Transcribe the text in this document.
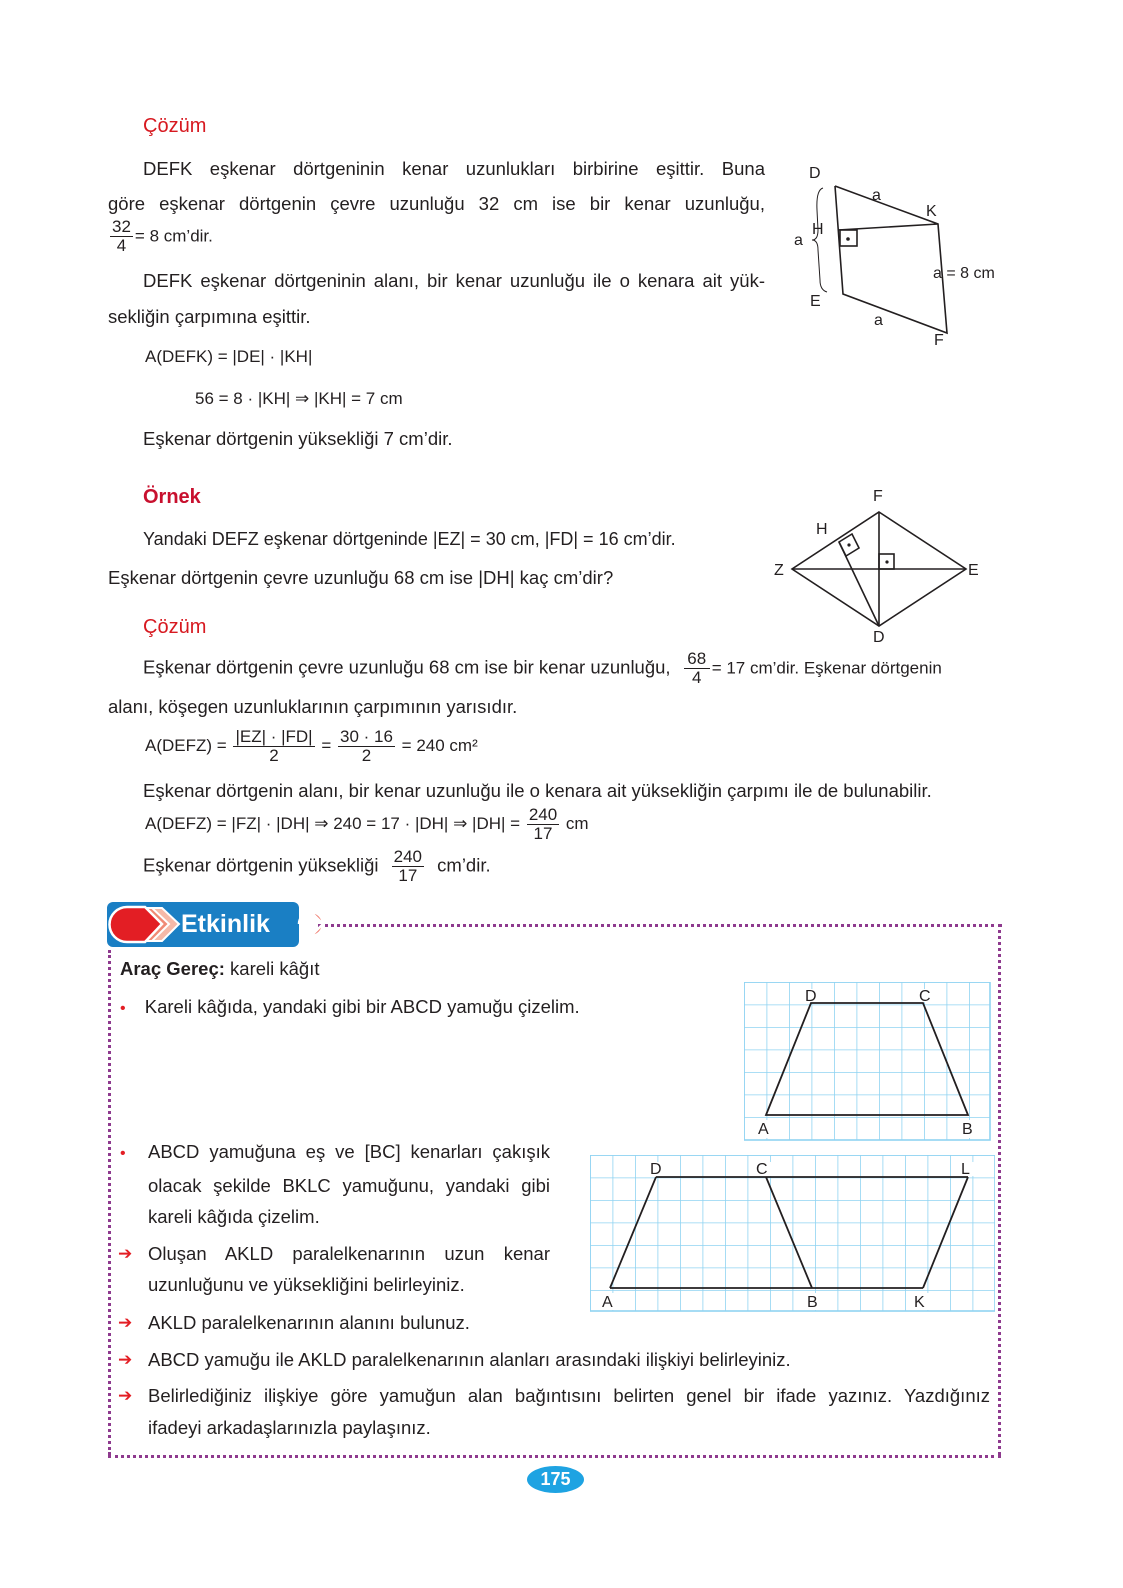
Çözüm
DEFK eşkenar dörtgeninin kenar uzunlukları birbirine eşittir. Buna
göre eşkenar dörtgenin çevre uzunluğu 32 cm ise bir kenar uzunluğu,
$\frac{32}{4} = 8$ cm’dir.
DEFK eşkenar dörtgeninin alanı, bir kenar uzunluğu ile o kenara ait yük-
sekliğin çarpımına eşittir.
A(DEFK) = |DE| · |KH|
56 = 8 · |KH| ⇒ |KH| = 7 cm
Eşkenar dörtgenin yüksekliği 7 cm’dir.
D
a
K
H
a
a = 8 cm
E
a
F
Örnek
Yandaki DEFZ eşkenar dörtgeninde |EZ| = 30 cm, |FD| = 16 cm’dir.
Eşkenar dörtgenin çevre uzunluğu 68 cm ise |DH| kaç cm’dir?
F
H
Z	E
D
Çözüm
Eşkenar dörtgenin çevre uzunluğu 68 cm ise bir kenar uzunluğu, $\frac{68}{4} = 17$ cm’dir. Eşkenar dörtgenin
alanı, köşegen uzunluklarının çarpımının yarısıdır.
A(DEFZ) = $\frac{|EZ| \cdot |FD|}{2} = \frac{30 \cdot 16}{2} = 240$ cm²
Eşkenar dörtgenin alanı, bir kenar uzunluğu ile o kenara ait yüksekliğin çarpımı ile de bulunabilir.
A(DEFZ) = |FZ| · |DH| ⇒ 240 = 17 · |DH| ⇒ $|DH| = \frac{240}{17}$ cm
Eşkenar dörtgenin yüksekliği $\frac{240}{17}$ cm’dir.
Etkinlik
Araç Gereç: kareli kâğıt
• Kareli kâğıda, yandaki gibi bir ABCD yamuğu çizelim.
• ABCD yamuğuna eş ve [BC] kenarları çakışık
olacak şekilde BKLC yamuğunu, yandaki gibi
kareli kâğıda çizelim.
➔ Oluşan AKLD paralelkenarının uzun kenar
uzunluğunu ve yüksekliğini belirleyiniz.
➔ AKLD paralelkenarının alanını bulunuz.
➔ ABCD yamuğu ile AKLD paralelkenarının alanları arasındaki ilişkiyi belirleyiniz.
➔ Belirlediğiniz ilişkiye göre yamuğun alan bağıntısını belirten genel bir ifade yazınız. Yazdığınız
ifadeyi arkadaşlarınızla paylaşınız.
D	C
A	B
D	C	L
A	B	K
175
